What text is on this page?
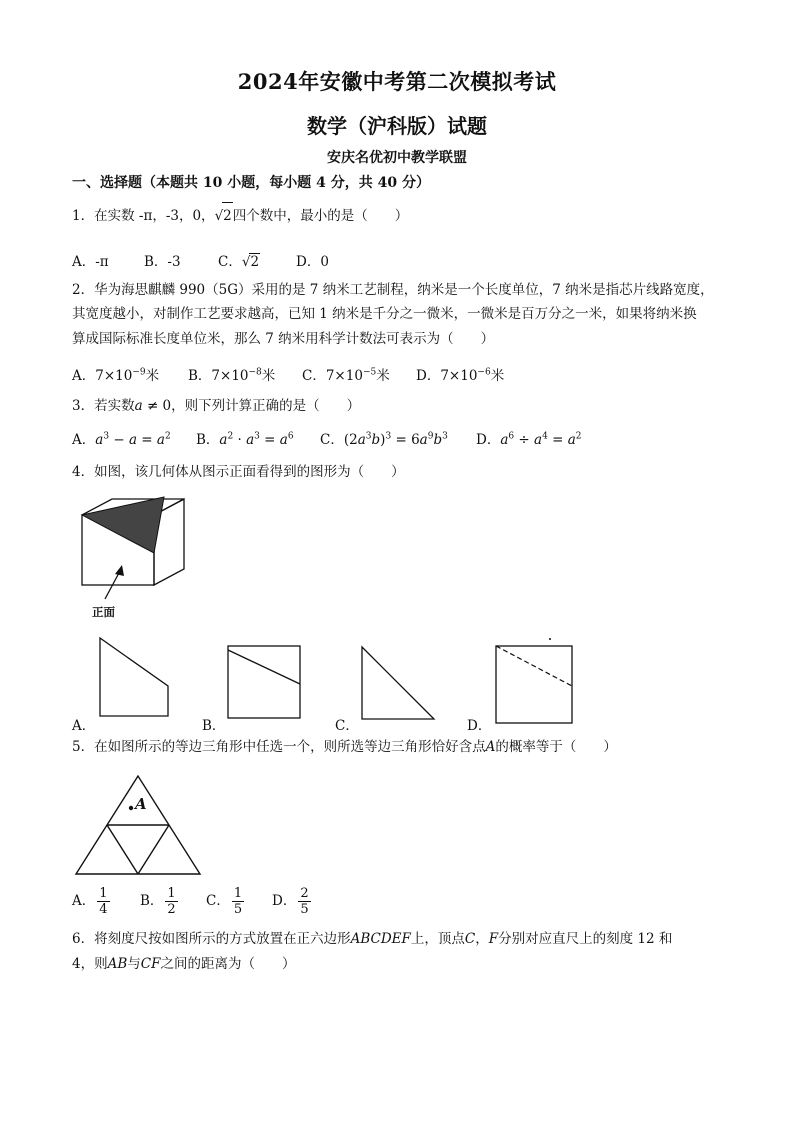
2024年安徽中考第二次模拟考试
数学（沪科版）试题
安庆名优初中教学联盟
一、选择题（本题共 10 小题，每小题 4 分，共 40 分）
1．在实数 -π，-3，0，√2四个数中，最小的是（　　）
A．-π	B．-3	C．√2	D．0
2．华为海思麒麟 990（5G）采用的是 7 纳米工艺制程，纳米是一个长度单位，7 纳米是指芯片线路宽度，
其宽度越小，对制作工艺要求越高，已知 1 纳米是千分之一微米，一微米是百万分之一米，如果将纳米换
算成国际标准长度单位米，那么 7 纳米用科学计数法可表示为（　　）
A．$7\times 10^{-9}$米 B．$7\times 10^{-8}$米 C．$7\times 10^{-5}$米 D．$7\times 10^{-6}$米
3．若实数a ≠ 0，则下列计算正确的是（　　）
A．$a^3 - a = a^2$ B．$a^2 \cdot a^3 = a^6$ C．$(2a^3b)^3 = 6a^9b^3$ D．$a^6 \div a^4 = a^2$
4．如图，该几何体从图示正面看得到的图形为（　　）
正面
A．	B．	C．	D．
5．在如图所示的等边三角形中任选一个，则所选等边三角形恰好含点A的概率等于（　　）
A
A． $\frac{1}{4}$ B． $\frac{1}{2}$ C． $\frac{1}{5}$ D． $\frac{2}{5}$
6．将刻度尺按如图所示的方式放置在正六边形ABCDEF上，顶点C，F分别对应直尺上的刻度 12 和
4，则AB与CF之间的距离为（　　）
